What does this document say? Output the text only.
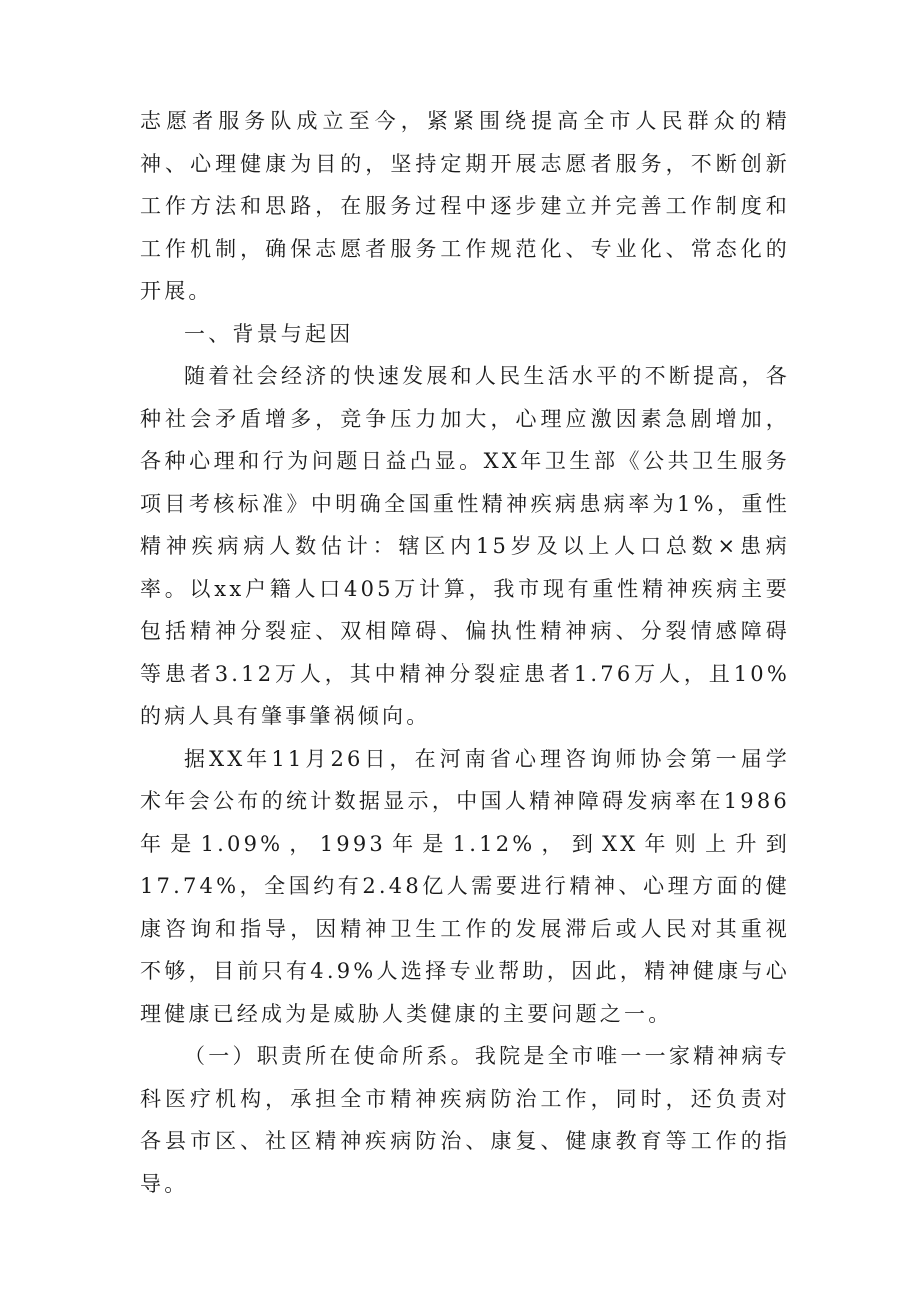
志愿者服务队成立至今，紧紧围绕提高全市人民群众的精神、心理健康为目的，坚持定期开展志愿者服务，不断创新工作方法和思路，在服务过程中逐步建立并完善工作制度和工作机制，确保志愿者服务工作规范化、专业化、常态化的开展。

一、背景与起因

随着社会经济的快速发展和人民生活水平的不断提高，各种社会矛盾增多，竞争压力加大，心理应激因素急剧增加，各种心理和行为问题日益凸显。XX年卫生部《公共卫生服务项目考核标准》中明确全国重性精神疾病患病率为1%，重性精神疾病病人数估计：辖区内15岁及以上人口总数×患病率。以xx户籍人口405万计算，我市现有重性精神疾病主要包括精神分裂症、双相障碍、偏执性精神病、分裂情感障碍等患者3.12万人，其中精神分裂症患者1.76万人，且10%的病人具有肇事肇祸倾向。

据XX年11月26日，在河南省心理咨询师协会第一届学术年会公布的统计数据显示，中国人精神障碍发病率在1986年是1.09%，1993年是1.12%，到XX年则上升到17.74%，全国约有2.48亿人需要进行精神、心理方面的健康咨询和指导，因精神卫生工作的发展滞后或人民对其重视不够，目前只有4.9%人选择专业帮助，因此，精神健康与心理健康已经成为是威胁人类健康的主要问题之一。

（一）职责所在使命所系。我院是全市唯一一家精神病专科医疗机构，承担全市精神疾病防治工作，同时，还负责对各县市区、社区精神疾病防治、康复、健康教育等工作的指导。
